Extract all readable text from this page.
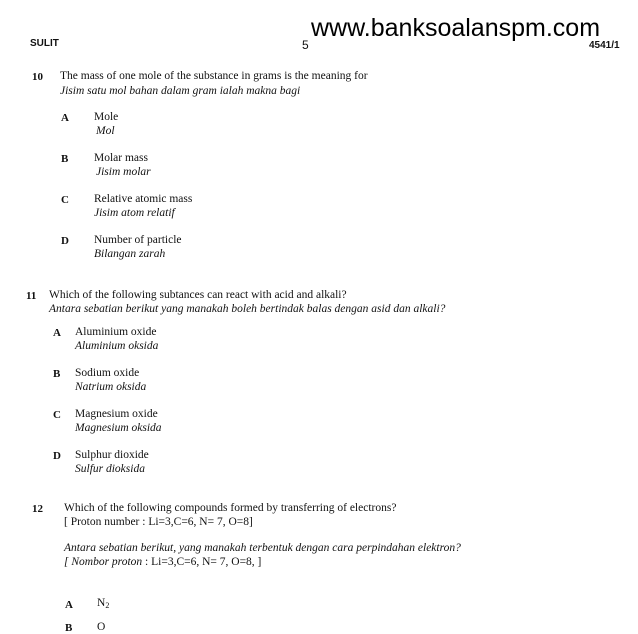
SULIT	5	4541/1
www.banksoalanspm.com
10 The mass of one mole of the substance in grams is the meaning for
Jisim satu mol bahan dalam gram ialah makna bagi
A Mole
Mol
B Molar mass
Jisim molar
C Relative atomic mass
Jisim atom relatif
D Number of particle
Bilangan zarah
11 Which of the following subtances can react with acid and alkali?
Antara sebatian berikut yang manakah boleh bertindak balas dengan asid dan alkali?
A Aluminium oxide
Aluminium oksida
B Sodium oxide
Natrium oksida
C Magnesium oxide
Magnesium oksida
D Sulphur dioxide
Sulfur dioksida
12 Which of the following compounds formed by transferring of electrons?
[ Proton number : Li=3,C=6, N= 7, O=8]
Antara sebatian berikut, yang manakah terbentuk dengan cara perpindahan elektron?
[ Nombor proton : Li=3,C=6, N= 7, O=8, ]
A $N_2$
B O
